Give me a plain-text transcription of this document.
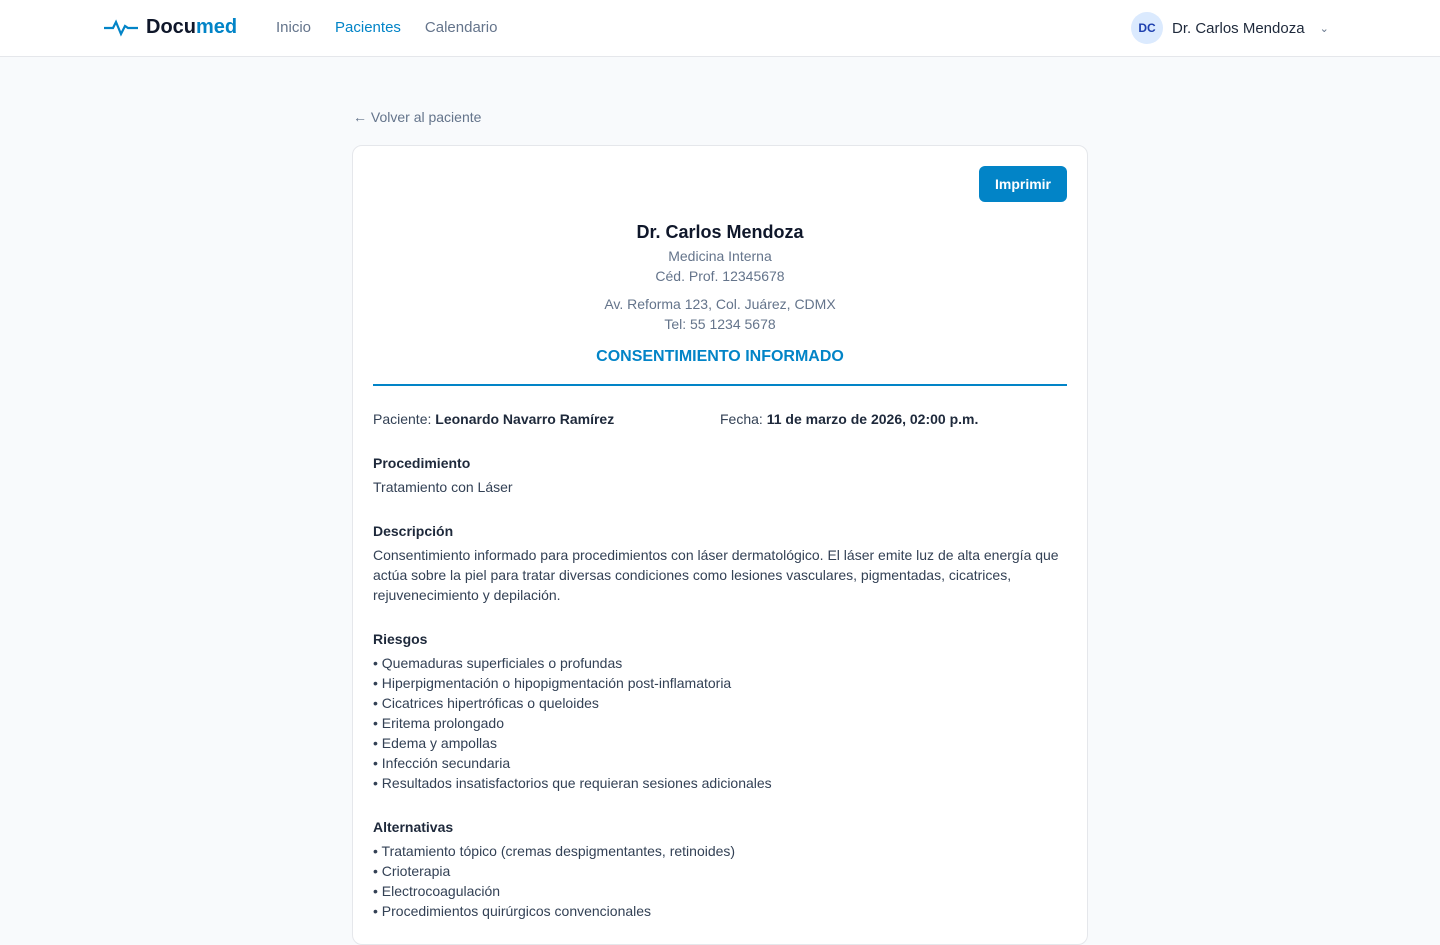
Documed	Inicio Pacientes Calendario	DC	Dr. Carlos Mendoza ⌄
← Volver al paciente
Imprimir
Dr. Carlos Mendoza
Medicina Interna
Céd. Prof. 12345678
Av. Reforma 123, Col. Juárez, CDMX
Tel: 55 1234 5678
CONSENTIMIENTO INFORMADO
Paciente: Leonardo Navarro Ramírez	Fecha: 11 de marzo de 2026, 02:00 p.m.
Procedimiento
Tratamiento con Láser
Descripción
Consentimiento informado para procedimientos con láser dermatológico. El láser emite luz de alta energía que actúa sobre la piel para tratar diversas condiciones como lesiones vasculares, pigmentadas, cicatrices, rejuvenecimiento y depilación.
Riesgos
• Quemaduras superficiales o profundas
• Hiperpigmentación o hipopigmentación post-inflamatoria
• Cicatrices hipertróficas o queloides
• Eritema prolongado
• Edema y ampollas
• Infección secundaria
• Resultados insatisfactorios que requieran sesiones adicionales
Alternativas
• Tratamiento tópico (cremas despigmentantes, retinoides)
• Crioterapia
• Electrocoagulación
• Procedimientos quirúrgicos convencionales
